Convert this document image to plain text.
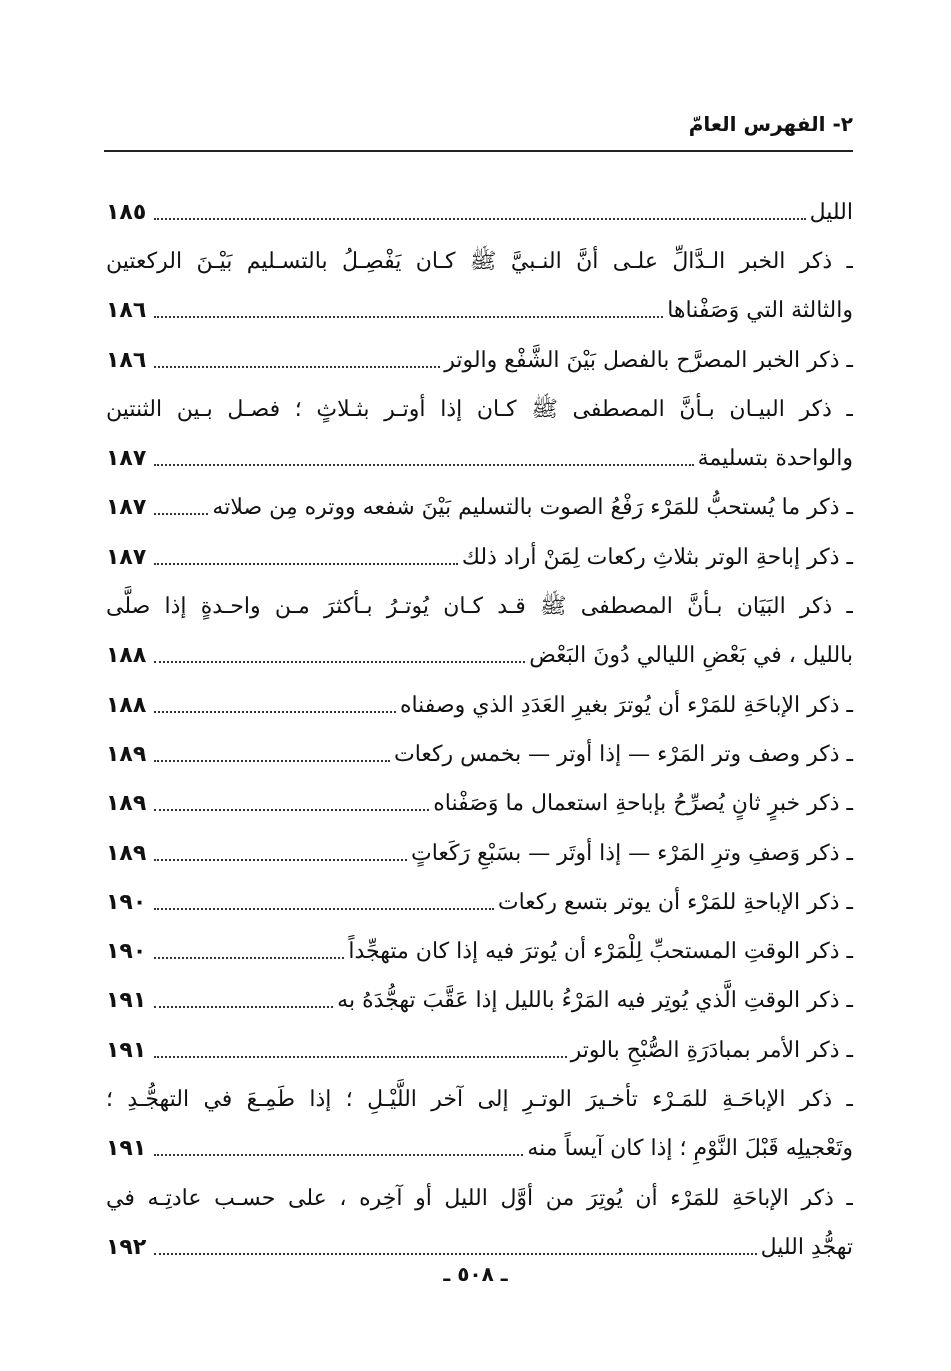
٢- الفهرس العامّ
الليل
١٨٥
ـ ذكر الخبر الـدَّالِّ علـى أنَّ النـبيَّ ﷺ كـان يَفْصِـلُ بالتسـليم بَيْـنَ الركعتين
والثالثة التي وَصَفْناها
١٨٦
ـ ذكر الخبر المصرَّح بالفصل بَيْنَ الشَّفْع والوتر
١٨٦
ـ ذكر البيـان بـأنَّ المصطفى ﷺ كـان إذا أوتـر بثـلاثٍ ؛ فصـل بـين الثنتين
والواحدة بتسليمة
١٨٧
ـ ذكر ما يُستحبُّ للمَرْء رَفْعُ الصوت بالتسليم بَيْنَ شفعه ووتره مِن صلاته
١٨٧
ـ ذكر إباحةِ الوتر بثلاثِ ركعات لِمَنْ أراد ذلك
١٨٧
ـ ذكر البَيَان بـأنَّ المصطفى ﷺ قـد كـان يُوتـرُ بـأكثرَ مـن واحـدةٍ إذا صلَّى
بالليل ، في بَعْضِ الليالي دُونَ البَعْض
١٨٨
ـ ذكر الإباحَةِ للمَرْء أن يُوترَ بغيرِ العَدَدِ الذي وصفناه
١٨٨
ـ ذكر وصف وتر المَرْء — إذا أوتر — بخمس ركعات
١٨٩
ـ ذكر خبرٍ ثانٍ يُصرِّحُ بإباحةِ استعمال ما وَصَفْناه
١٨٩
ـ ذكر وَصفِ وترِ المَرْء — إذا أوتَر — بسَبْعِ رَكَعاتٍ
١٨٩
ـ ذكر الإباحةِ للمَرْء أن يوتر بتسع ركعات
١٩٠
ـ ذكر الوقتِ المستحبِّ لِلْمَرْء أن يُوترَ فيه إذا كان متهجِّداً
١٩٠
ـ ذكر الوقتِ الَّذي يُوتِر فيه المَرْءُ بالليل إذا عَقَّبَ تهجُّدَهُ به
١٩١
ـ ذكر الأمر بمبادَرَةِ الصُّبْحِ بالوتر
١٩١
ـ ذكر الإباحَـةِ للمَـرْء تأخـيرَ الوتـرِ إلى آخر اللَّيْـلِ ؛ إذا طَمِـعَ في التهجُّـدِ ؛
وتَعْجيلِه قَبْلَ النَّوْمِ ؛ إذا كان آيساً منه
١٩١
ـ ذكر الإباحَةِ للمَرْء أن يُوتِرَ من أوَّل الليل أو آخِره ، على حسـب عادتِـه في
تهجُّدِ الليل
١٩٢
ـ ٥٠٨ ـ
